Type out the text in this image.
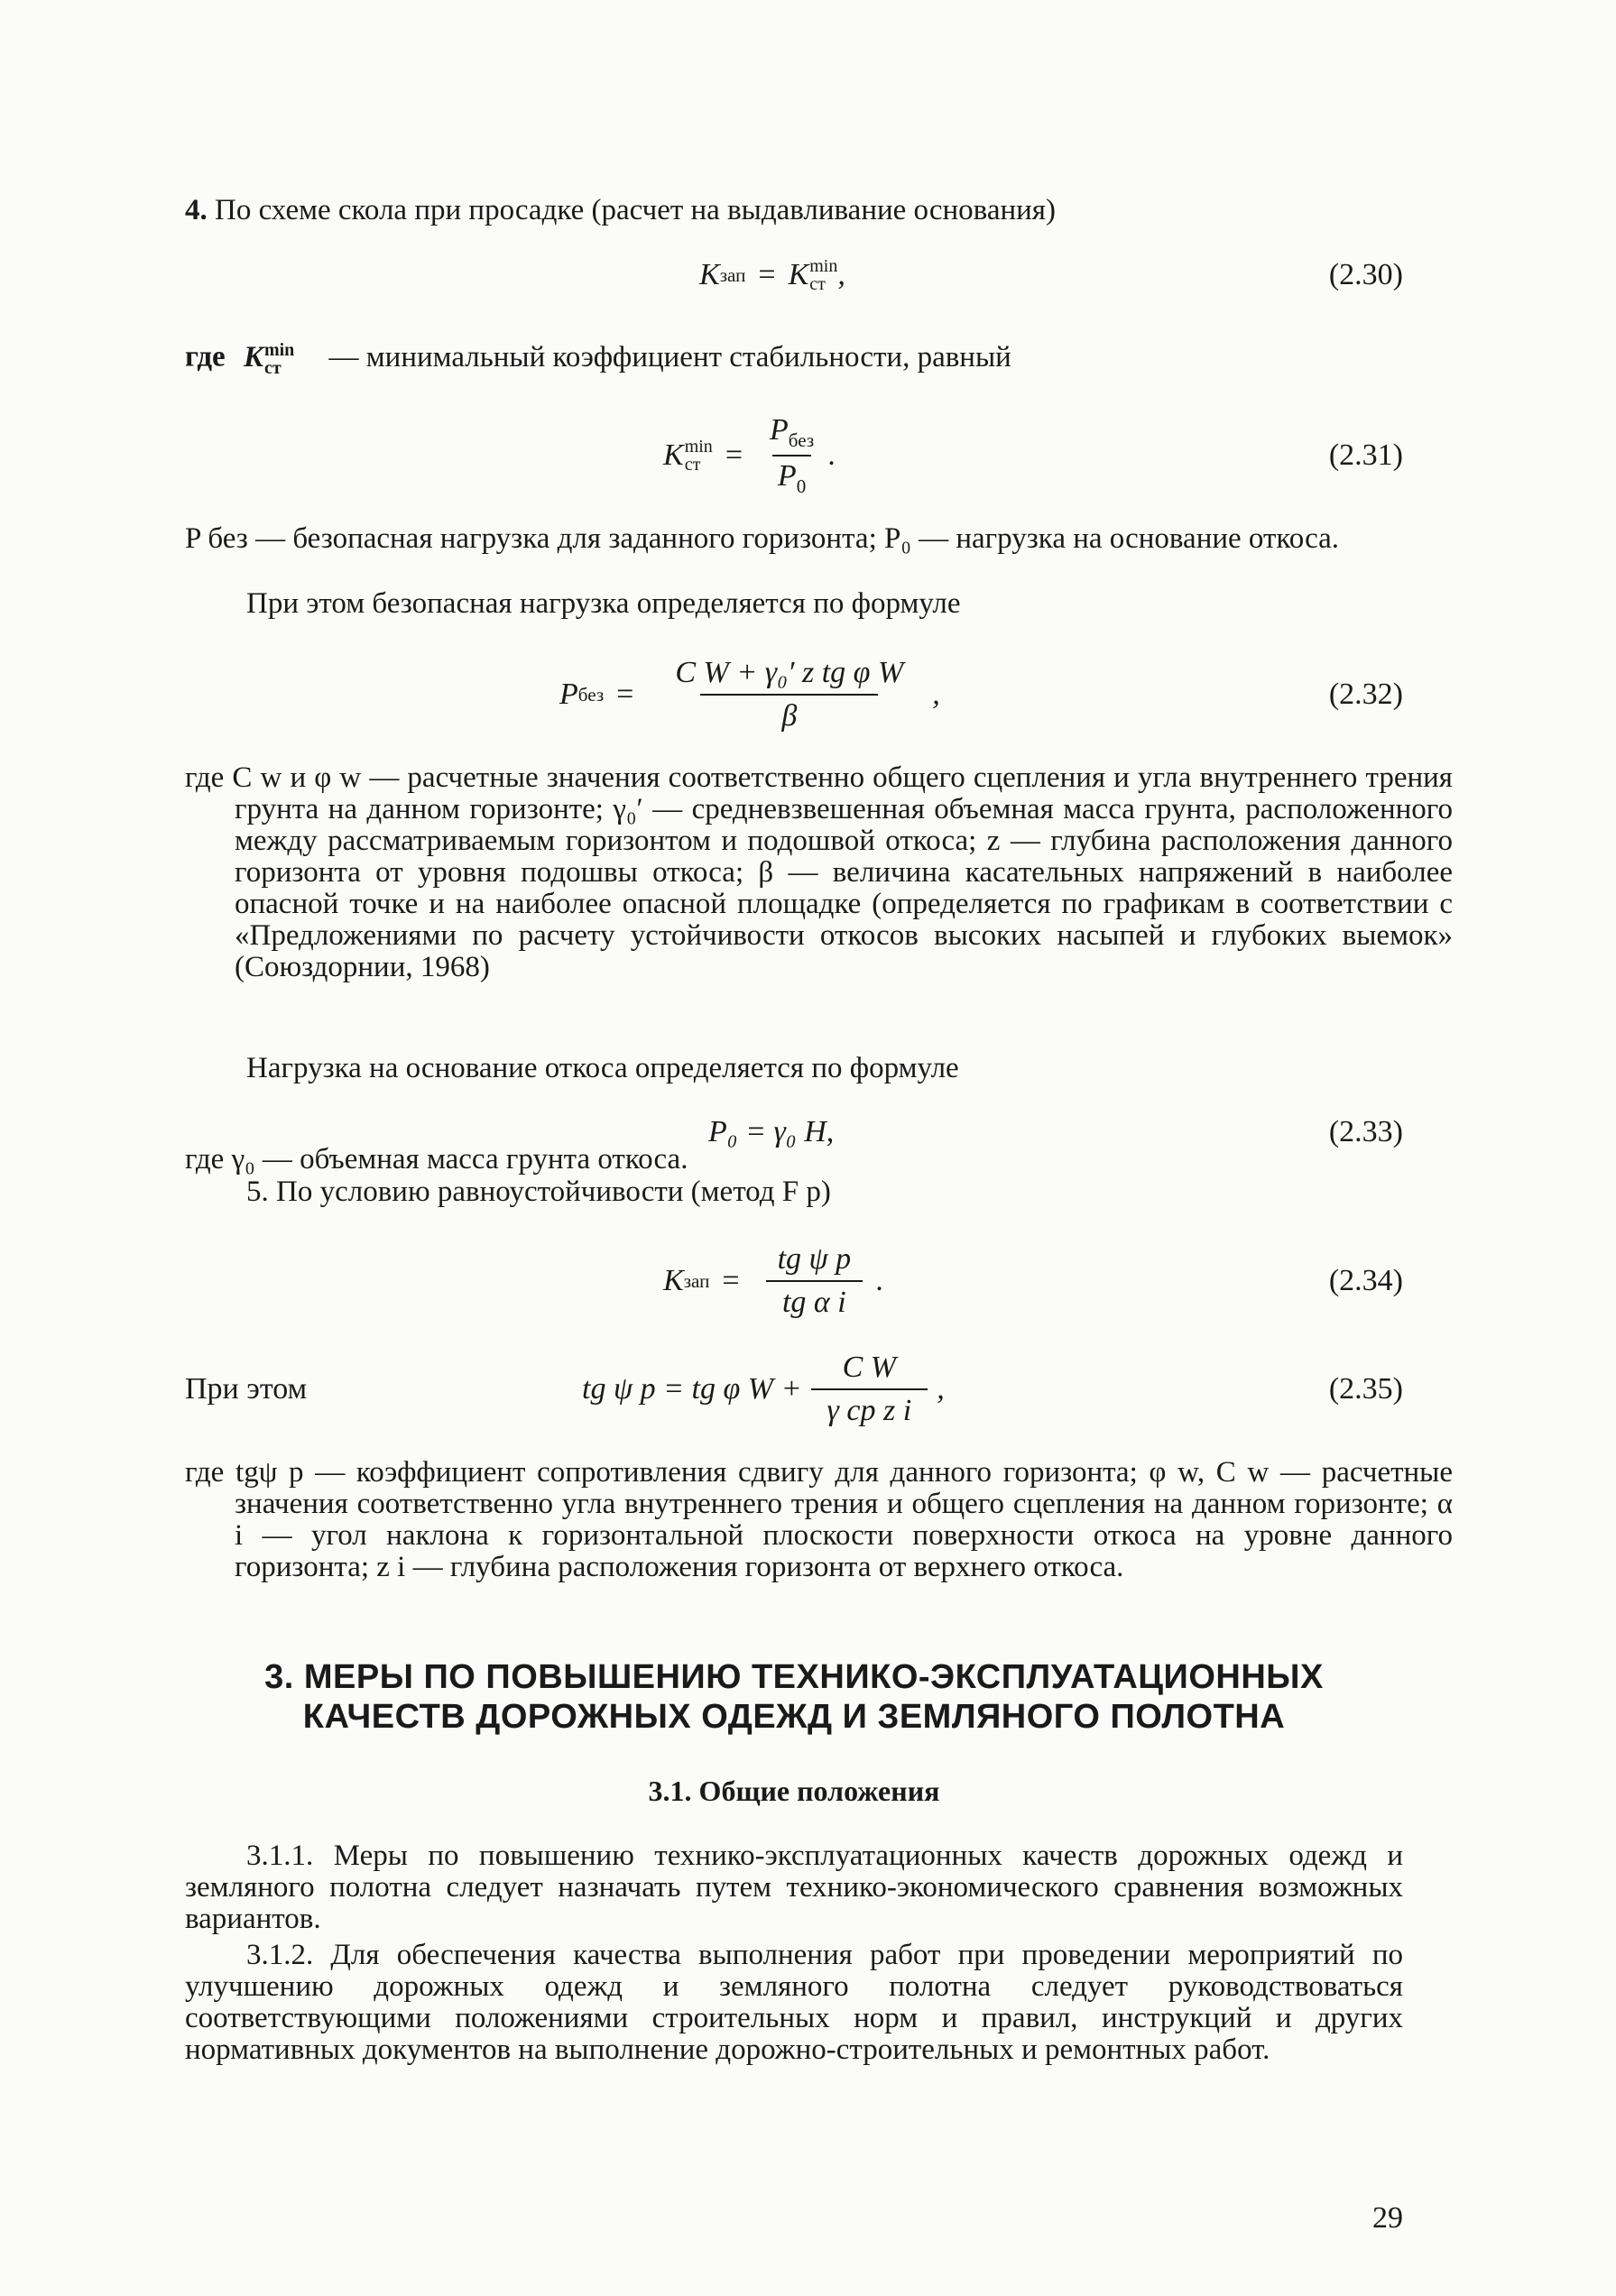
4. По схеме скола при просадке (расчет на выдавливание основания)
K зап = K min
ст ,	(2.30)
где K min
ст	— минимальный коэффициент стабильности, равный
K min
ст = $\frac{P_{без}}{P_0}$ .	(2.31)
P без — безопасная нагрузка для заданного горизонта; P₀ — нагрузка на основание откоса.
При этом безопасная нагрузка определяется по формуле
P без = $\frac{\text{C W + γ₀′ z tg φ W}}{\beta}$ ,	(2.32)
где C w и φ w — расчетные значения соответственно общего сцепления и угла внутреннего трения грунта на данном горизонте; γ₀′ — средневзвешенная объемная масса грунта, расположенного между рассматриваемым горизонтом и подошвой откоса; z — глубина расположения данного горизонта от уровня подошвы откоса; β — величина касательных напряжений в наиболее опасной точке и на наиболее опасной площадке (определяется по графикам в соответствии с «Предложениями по расчету устойчивости откосов высоких насыпей и глубоких выемок» (Союздорнии, 1968)
Нагрузка на основание откоса определяется по формуле
P₀ = γ₀ H,	(2.33)
где γ₀ — объемная масса грунта откоса.
5. По условию равноустойчивости (метод F p)
K зап = $\frac{\text{tg ψ p}}{\text{tg α i}}$ .	(2.34)
При этом	tg ψ p = tg φ $W + \frac{\text{C W}}{\text{γ ср z i}}$ ,	(2.35)
где tgψ p — коэффициент сопротивления сдвигу для данного горизонта; φ w, C w — расчетные значения соответственно угла внутреннего трения и общего сцепления на данном горизонте; α i — угол наклона к горизонтальной плоскости поверхности откоса на уровне данного горизонта; z i — глубина расположения горизонта от верхнего откоса.
3. МЕРЫ ПО ПОВЫШЕНИЮ ТЕХНИКО-ЭКСПЛУАТАЦИОННЫХ
КАЧЕСТВ ДОРОЖНЫХ ОДЕЖД И ЗЕМЛЯНОГО ПОЛОТНА
3.1. Общие положения
3.1.1. Меры по повышению технико-эксплуатационных качеств дорожных одежд и земляного полотна следует назначать путем технико-экономического сравнения возможных вариантов.
3.1.2. Для обеспечения качества выполнения работ при проведении мероприятий по улучшению дорожных одежд и земляного полотна следует руководствоваться соответствующими положениями строительных норм и правил, инструкций и других нормативных документов на выполнение дорожно-строительных и ремонтных работ.
29
